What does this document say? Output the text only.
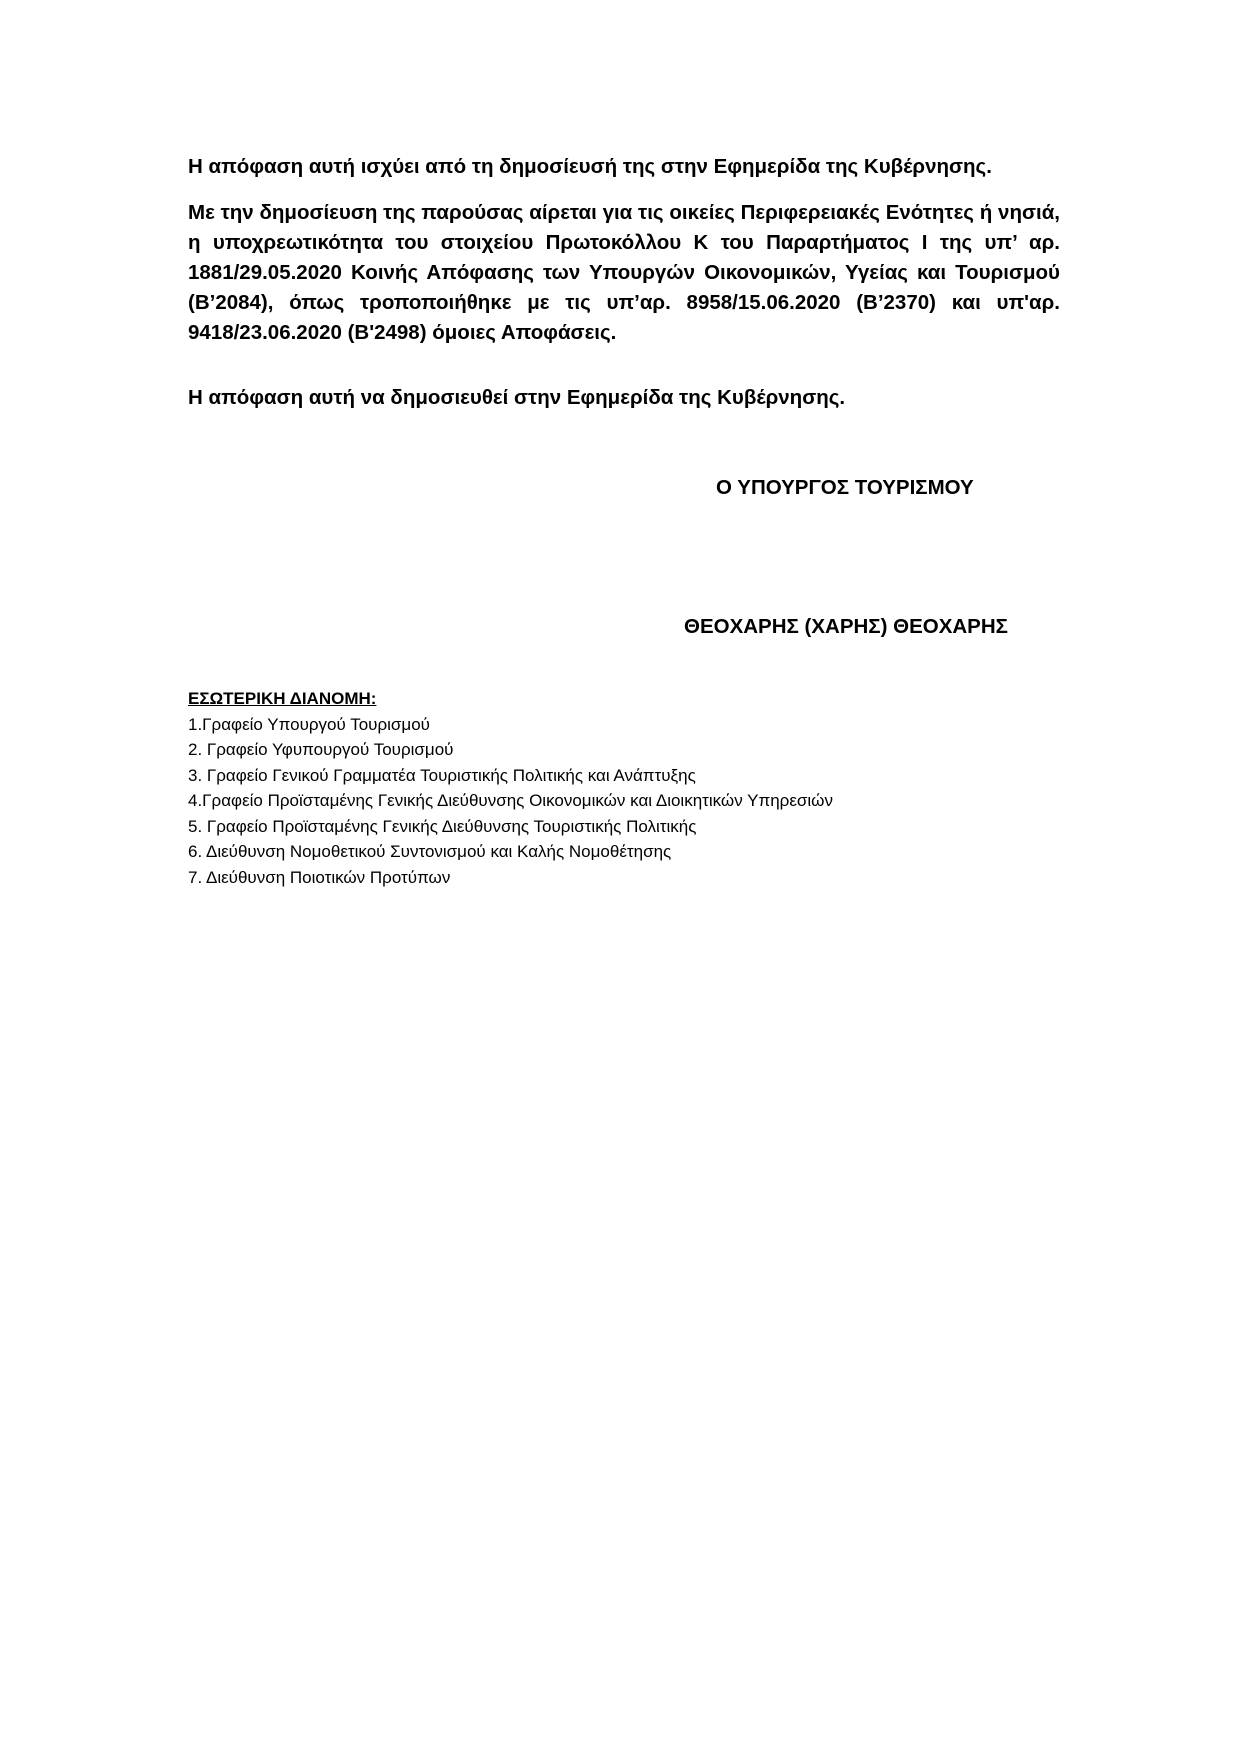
Η απόφαση αυτή ισχύει από τη δημοσίευσή της στην Εφημερίδα της Κυβέρνησης.

Με την δημοσίευση της παρούσας αίρεται για τις οικείες Περιφερειακές Ενότητες ή νησιά, η υποχρεωτικότητα του στοιχείου Πρωτοκόλλου Κ του Παραρτήματος Ι της υπ’ αρ. 1881/29.05.2020 Κοινής Απόφασης των Υπουργών Οικονομικών, Υγείας και Τουρισμού (Β’2084), όπως τροποποιήθηκε με τις υπ’αρ. 8958/15.06.2020 (Β’2370) και υπ'αρ. 9418/23.06.2020 (Β'2498) όμοιες Αποφάσεις.

Η απόφαση αυτή να δημοσιευθεί στην Εφημερίδα της Κυβέρνησης.

Ο ΥΠΟΥΡΓΟΣ ΤΟΥΡΙΣΜΟΥ

ΘΕΟΧΑΡΗΣ (ΧΑΡΗΣ) ΘΕΟΧΑΡΗΣ

ΕΣΩΤΕΡΙΚΗ ΔΙΑΝΟΜΗ:

1.Γραφείο Υπουργού Τουρισμού
2. Γραφείο Υφυπουργού Τουρισμού
3. Γραφείο Γενικού Γραμματέα Τουριστικής Πολιτικής και Ανάπτυξης
4.Γραφείο Προϊσταμένης Γενικής Διεύθυνσης Οικονομικών και Διοικητικών Υπηρεσιών
5. Γραφείο Προϊσταμένης Γενικής Διεύθυνσης Τουριστικής Πολιτικής
6. Διεύθυνση Νομοθετικού Συντονισμού και Καλής Νομοθέτησης
7. Διεύθυνση Ποιοτικών Προτύπων
